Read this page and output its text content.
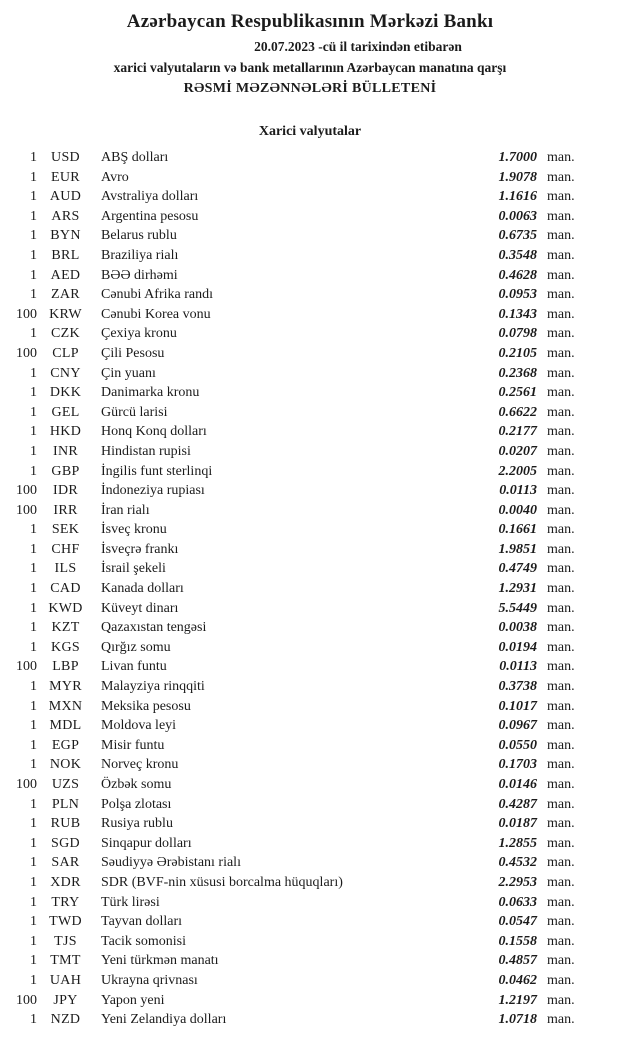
Azərbaycan Respublikasının Mərkəzi Bankı
20.07.2023 -cü il tarixindən etibarən
xarici valyutaların və bank metallarının Azərbaycan manatına qarşı
RƏSMİ MƏZƏNNƏLƏRİ BÜLLETENİ
Xarici valyutalar
1	USD	ABŞ dolları	1.7000 man.
1	EUR	Avro	1.9078 man.
1 AUD	Avstraliya dolları	1.1616 man.
1	ARS	Argentina pesosu	0.0063 man.
1 BYN	Belarus rublu	0.6735 man.
1	BRL	Braziliya rialı	0.3548 man.
1 AED	BƏƏ dirhəmi	0.4628 man.
1	ZAR	Cənubi Afrika randı	0.0953 man.
100 KRW	Cənubi Korea vonu	0.1343 man.
1	CZK	Çexiya kronu	0.0798 man.
100	CLP	Çili Pesosu	0.2105 man.
1 CNY	Çin yuanı	0.2368 man.
1 DKK	Danimarka kronu	0.2561 man.
1	GEL	Gürcü larisi	0.6622 man.
1 HKD	Honq Konq dolları	0.2177 man.
1	INR	Hindistan rupisi	0.0207 man.
1	GBP	İngilis funt sterlinqi	2.2005 man.
100	IDR	İndoneziya rupiası	0.0113 man.
100	IRR	İran rialı	0.0040 man.
1	SEK	İsveç kronu	0.1661 man.
1	CHF	İsveçrə frankı	1.9851 man.
1	ILS	İsrail şekeli	0.4749 man.
1 CAD	Kanada dolları	1.2931 man.
1 KWD	Küveyt dinarı	5.5449 man.
1	KZT	Qazaxıstan tengəsi	0.0038 man.
1	KGS	Qırğız somu	0.0194 man.
100	LBP	Livan funtu	0.0113 man.
1 MYR	Malayziya rinqqiti	0.3738 man.
1 MXN	Meksika pesosu	0.1017 man.
1 MDL	Moldova leyi	0.0967 man.
1	EGP	Misir funtu	0.0550 man.
1 NOK	Norveç kronu	0.1703 man.
100	UZS	Özbək somu	0.0146 man.
1	PLN	Polşa zlotası	0.4287 man.
1 RUB	Rusiya rublu	0.0187 man.
1	SGD	Sinqapur dolları	1.2855 man.
1	SAR	Səudiyyə Ərəbistanı rialı	0.4532 man.
1 XDR	SDR (BVF-nin xüsusi borcalma hüquqları)	2.2953 man.
1	TRY	Türk lirəsi	0.0633 man.
1 TWD	Tayvan dolları	0.0547 man.
1	TJS	Tacik somonisi	0.1558 man.
1 TMT	Yeni türkmən manatı	0.4857 man.
1 UAH	Ukrayna qrivnası	0.0462 man.
100	JPY	Yapon yeni	1.2197 man.
1 NZD	Yeni Zelandiya dolları	1.0718 man.
